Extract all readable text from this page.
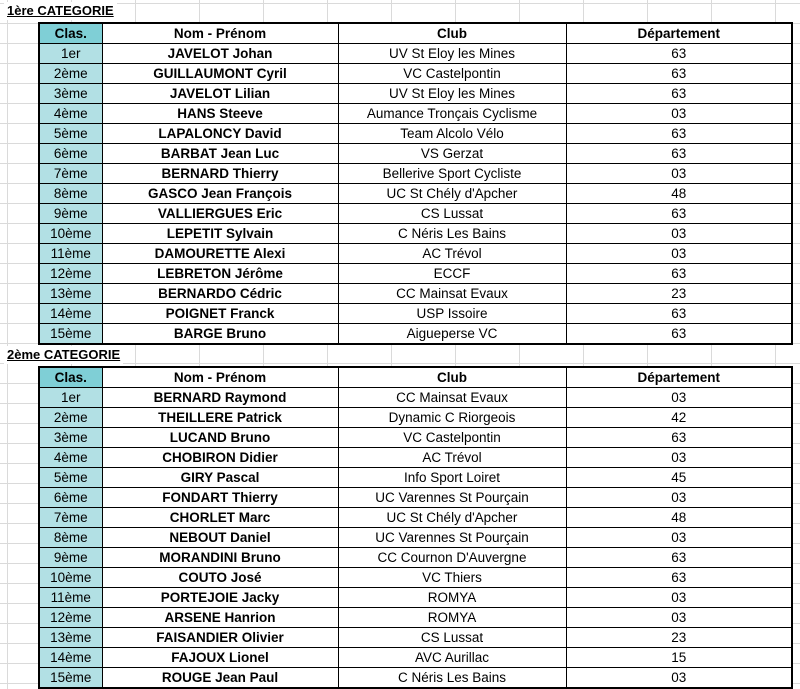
1ère CATEGORIE
Clas.	Nom - Prénom	Club	Département
1er	JAVELOT Johan	UV St Eloy les Mines	63
2ème	GUILLAUMONT Cyril	VC Castelpontin	63
3ème	JAVELOT Lilian	UV St Eloy les Mines	63
4ème	HANS Steeve	Aumance Tronçais Cyclisme	03
5ème	LAPALONCY David	Team Alcolo Vélo	63
6ème	BARBAT Jean Luc	VS Gerzat	63
7ème	BERNARD Thierry	Bellerive Sport Cycliste	03
8ème	GASCO Jean François	UC St Chély d'Apcher	48
9ème	VALLIERGUES Eric	CS Lussat	63
10ème	LEPETIT Sylvain	C Néris Les Bains	03
11ème	DAMOURETTE Alexi	AC Trévol	03
12ème	LEBRETON Jérôme	ECCF	63
13ème	BERNARDO Cédric	CC Mainsat Evaux	23
14ème	POIGNET Franck	USP Issoire	63
15ème	BARGE Bruno	Aigueperse VC	63
2ème CATEGORIE
Clas.	Nom - Prénom	Club	Département
1er	BERNARD Raymond	CC Mainsat Evaux	03
2ème	THEILLERE Patrick	Dynamic C Riorgeois	42
3ème	LUCAND Bruno	VC Castelpontin	63
4ème	CHOBIRON Didier	AC Trévol	03
5ème	GIRY Pascal	Info Sport Loiret	45
6ème	FONDART Thierry	UC Varennes St Pourçain	03
7ème	CHORLET Marc	UC St Chély d'Apcher	48
8ème	NEBOUT Daniel	UC Varennes St Pourçain	03
9ème	MORANDINI Bruno	CC Cournon D'Auvergne	63
10ème	COUTO José	VC Thiers	63
11ème	PORTEJOIE Jacky	ROMYA	03
12ème	ARSENE Hanrion	ROMYA	03
13ème	FAISANDIER Olivier	CS Lussat	23
14ème	FAJOUX Lionel	AVC Aurillac	15
15ème	ROUGE Jean Paul	C Néris Les Bains	03
